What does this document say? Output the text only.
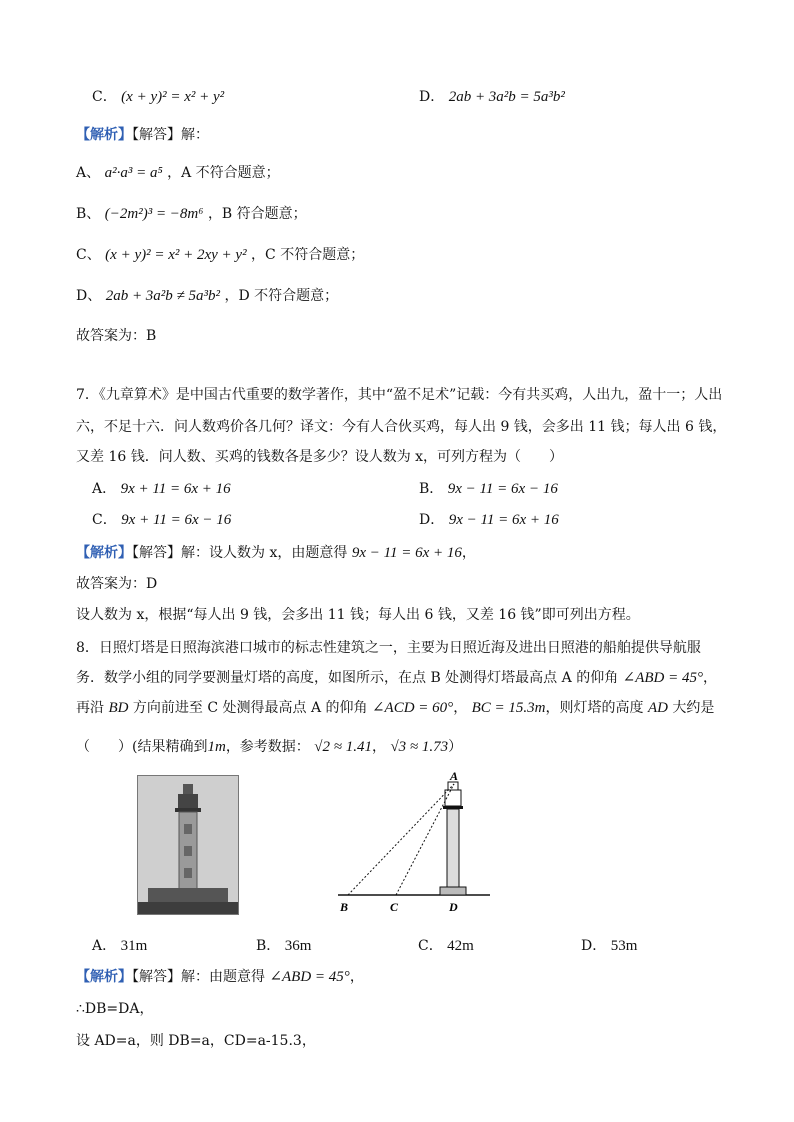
C． (x + y)² = x² + y²	D． 2ab + 3a²b = 5a³b²
【解析】【解答】解：
A、 a²·a³ = a⁵ ，A 不符合题意；
B、 (−2m²)³ = −8m⁶ ，B 符合题意；
C、 (x + y)² = x² + 2xy + y² ，C 不符合题意；
D、 2ab + 3a²b ≠ 5a³b² ，D 不符合题意；
故答案为：B
7．《九章算术》是中国古代重要的数学著作，其中“盈不足术”记载：今有共买鸡，人出九，盈十一；人出
六，不足十六．问人数鸡价各几何？译文：今有人合伙买鸡，每人出 9 钱，会多出 11 钱；每人出 6 钱，
又差 16 钱．问人数、买鸡的钱数各是多少？设人数为 x，可列方程为（　　）
A． 9x + 11 = 6x + 16	B． 9x − 11 = 6x − 16
C． 9x + 11 = 6x − 16	D． 9x − 11 = 6x + 16
【解析】【解答】解：设人数为 x，由题意得 9x − 11 = 6x + 16，
故答案为：D
设人数为 x，根据“每人出 9 钱，会多出 11 钱；每人出 6 钱，又差 16 钱”即可列出方程。
8．日照灯塔是日照海滨港口城市的标志性建筑之一，主要为日照近海及进出日照港的船舶提供导航服
务．数学小组的同学要测量灯塔的高度，如图所示，在点 B 处测得灯塔最高点 A 的仰角 ∠ABD = 45°，
再沿 BD 方向前进至 C 处测得最高点 A 的仰角 ∠ACD = 60°， BC = 15.3m，则灯塔的高度 AD 大约是
（　　）(结果精确到1m，参考数据： √2 ≈ 1.41， √3 ≈ 1.73）
A
B	C	D
A． 31m	B． 36m	C． 42m	D． 53m
【解析】【解答】解：由题意得 ∠ABD = 45°，
∴DB=DA，
设 AD=a，则 DB=a，CD=a-15.3，
